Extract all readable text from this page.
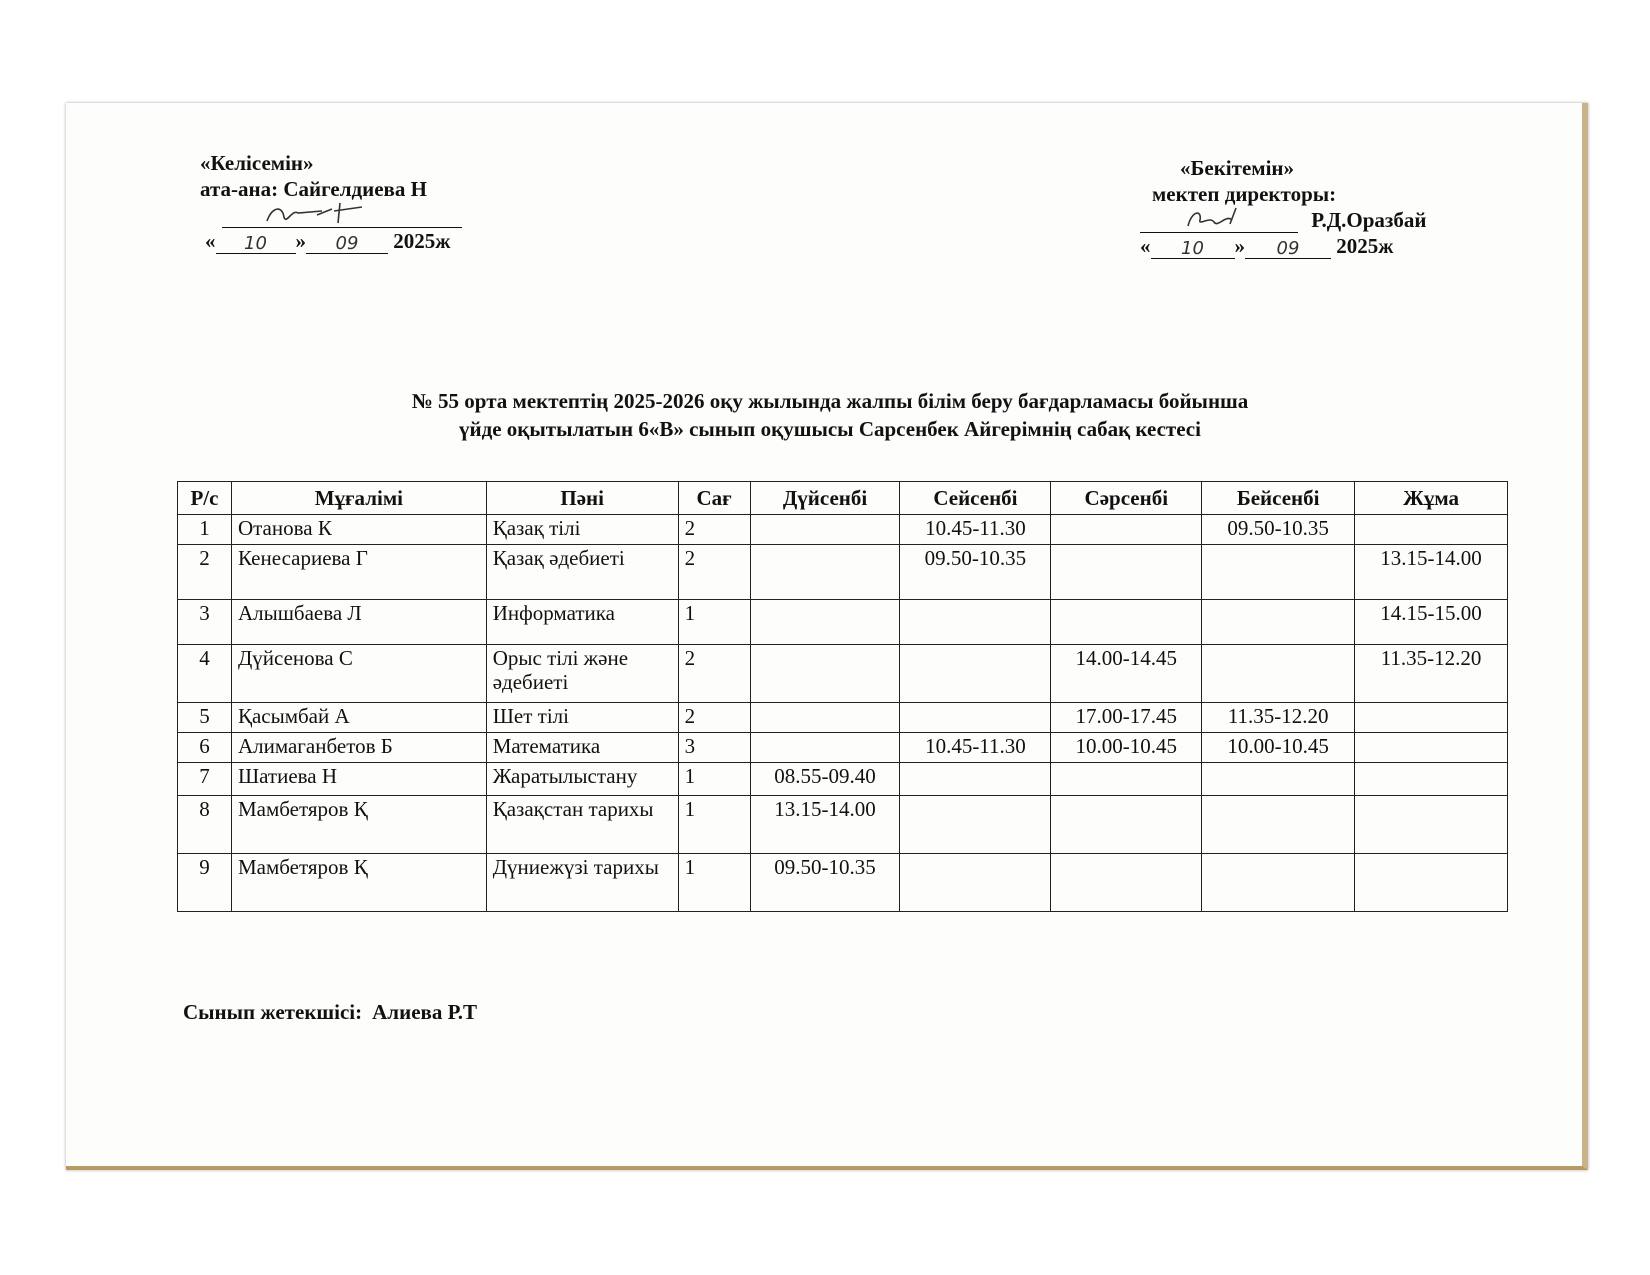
«Келісемін»
ата-ана: Сайгелдиева Н
« 10 » 09 2025ж
«Бекітемін»
мектеп директоры:
Р.Д.Оразбай
« 10 » 09 2025ж
№ 55 орта мектептің 2025-2026 оқу жылында жалпы білім беру бағдарламасы бойынша
үйде оқытылатын 6«В» сынып оқушысы Сарсенбек Айгерімнің сабақ кестесі
Р/с	Мұғалімі	Пәні	Сағ	Дүйсенбі	Сейсенбі	Сәрсенбі	Бейсенбі	Жұма
1	Отанова К	Қазақ тілі	2		10.45-11.30		09.50-10.35	
2	Кенесариева Г	Қазақ әдебиеті	2		09.50-10.35			13.15-14.00
3	Алышбаева Л	Информатика	1					14.15-15.00
4	Дүйсенова С	Орыс тілі және әдебиеті	2			14.00-14.45		11.35-12.20
5	Қасымбай А	Шет тілі	2			17.00-17.45	11.35-12.20	
6	Алимаганбетов Б	Математика	3		10.45-11.30	10.00-10.45	10.00-10.45	
7	Шатиева Н	Жаратылыстану	1	08.55-09.40				
8	Мамбетяров Қ	Қазақстан тарихы	1	13.15-14.00				
9	Мамбетяров Қ	Дүниежүзі тарихы	1	09.50-10.35				
Сынып жетекшісі: Алиева Р.Т
